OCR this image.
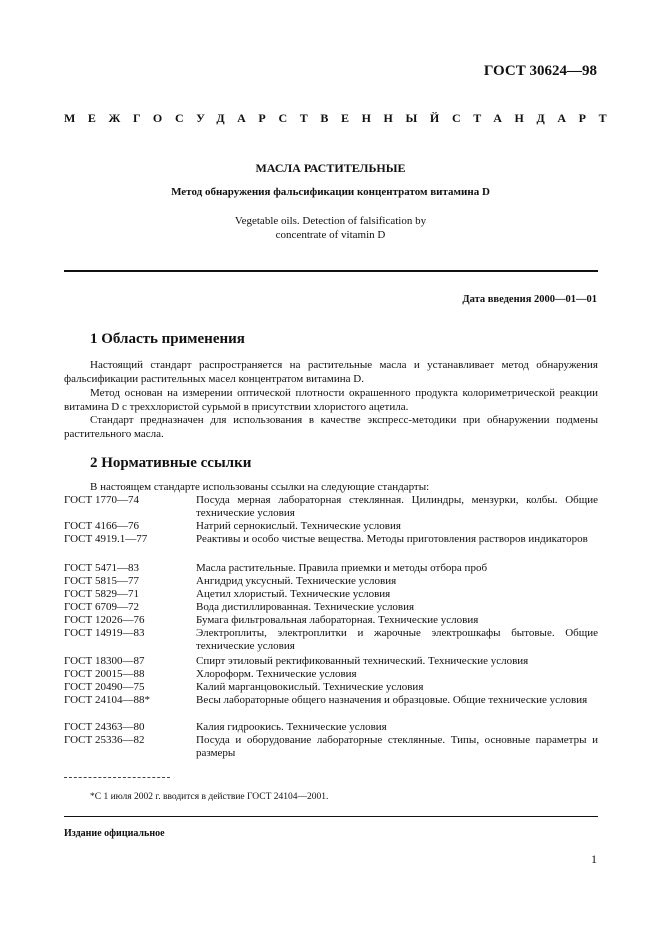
ГОСТ 30624—98
МЕЖГОСУДАРСТВЕННЫЙ СТАНДАРТ
МАСЛА РАСТИТЕЛЬНЫЕ
Метод обнаружения фальсификации концентратом витамина D
Vegetable oils. Detection of falsification by
concentrate of vitamin D
Дата введения 2000—01—01
1 Область применения
Настоящий стандарт распространяется на растительные масла и устанавливает метод обнаружения фальсификации растительных масел концентратом витамина D.
Метод основан на измерении оптической плотности окрашенного продукта колориметрической реакции витамина D с треххлористой сурьмой в присутствии хлористого ацетила.
Стандарт предназначен для использования в качестве экспресс-методики при обнаружении подмены растительного масла.
2 Нормативные ссылки
В настоящем стандарте использованы ссылки на следующие стандарты:
ГОСТ 1770—74	Посуда мерная лабораторная стеклянная. Цилиндры, мензурки, колбы. Общие технические условия
ГОСТ 4166—76	Натрий сернокислый. Технические условия
ГОСТ 4919.1—77	Реактивы и особо чистые вещества. Методы приготовления растворов индикаторов
ГОСТ 5471—83	Масла растительные. Правила приемки и методы отбора проб
ГОСТ 5815—77	Ангидрид уксусный. Технические условия
ГОСТ 5829—71	Ацетил хлористый. Технические условия
ГОСТ 6709—72	Вода дистиллированная. Технические условия
ГОСТ 12026—76	Бумага фильтровальная лабораторная. Технические условия
ГОСТ 14919—83	Электроплиты, электроплитки и жарочные электрошкафы бытовые. Общие технические условия
ГОСТ 18300—87	Спирт этиловый ректификованный технический. Технические условия
ГОСТ 20015—88	Хлороформ. Технические условия
ГОСТ 20490—75	Калий марганцовокислый. Технические условия
ГОСТ 24104—88*	Весы лабораторные общего назначения и образцовые. Общие технические условия
ГОСТ 24363—80	Калия гидроокись. Технические условия
ГОСТ 25336—82	Посуда и оборудование лабораторные стеклянные. Типы, основные параметры и размеры
*С 1 июля 2002 г. вводится в действие ГОСТ 24104—2001.
Издание официальное
1
